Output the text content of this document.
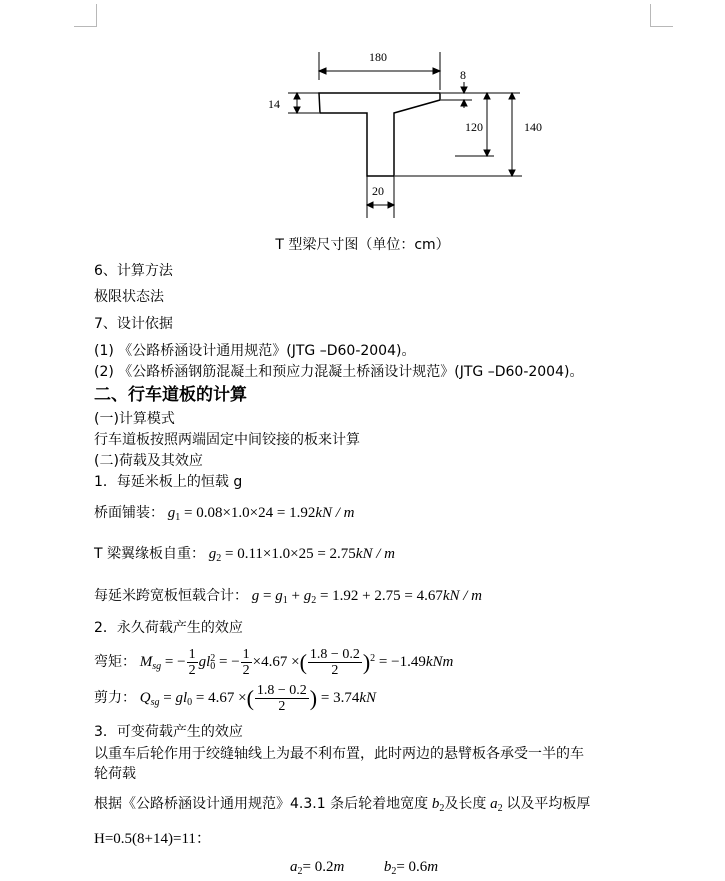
180
8
14
120	140
20
T 型梁尺寸图（单位：cm）
6、计算方法
极限状态法
7、设计依据
(1) 《公路桥涵设计通用规范》(JTG –D60-2004)。
(2) 《公路桥涵钢筋混凝土和预应力混凝土桥涵设计规范》(JTG –D60-2004)。
二、行车道板的计算
(一)计算模式
行车道板按照两端固定中间铰接的板来计算
(二)荷载及其效应
1．每延米板上的恒载 g
桥面铺装： $g_1 = 0.08\times 1.0\times 24 = 1.92kN / m$
T 梁翼缘板自重： $g_2 = 0.11\times 1.0\times 25 = 2.75kN / m$
每延米跨宽板恒载合计： $g = g_1 + g_2 = 1.92 + 2.75 = 4.67kN / m$
2．永久荷载产生的效应
弯矩： $M_{sg}$ = − $\frac{1}{2} gl_0^2$ = − $\frac{1}{2} \times 4.67$ ×( $\frac{1.8 - 0.2}{2} )^2 = -1.49kNm$
剪力： $Q_{sg} = gl_0 = 4.67$ ×( $\frac{1.8 - 0.2}{2}$ ) = 3.74kN
3．可变荷载产生的效应
以重车后轮作用于绞缝轴线上为最不利布置，此时两边的悬臂板各承受一半的车
轮荷载
根据《公路桥涵设计通用规范》4.3.1 条后轮着地宽度 $b_2$及长度 $a_2$ 以及平均板厚
H=0.5(8+14)=11：
$a_2= 0.2m$	$b_2= 0.6m$
